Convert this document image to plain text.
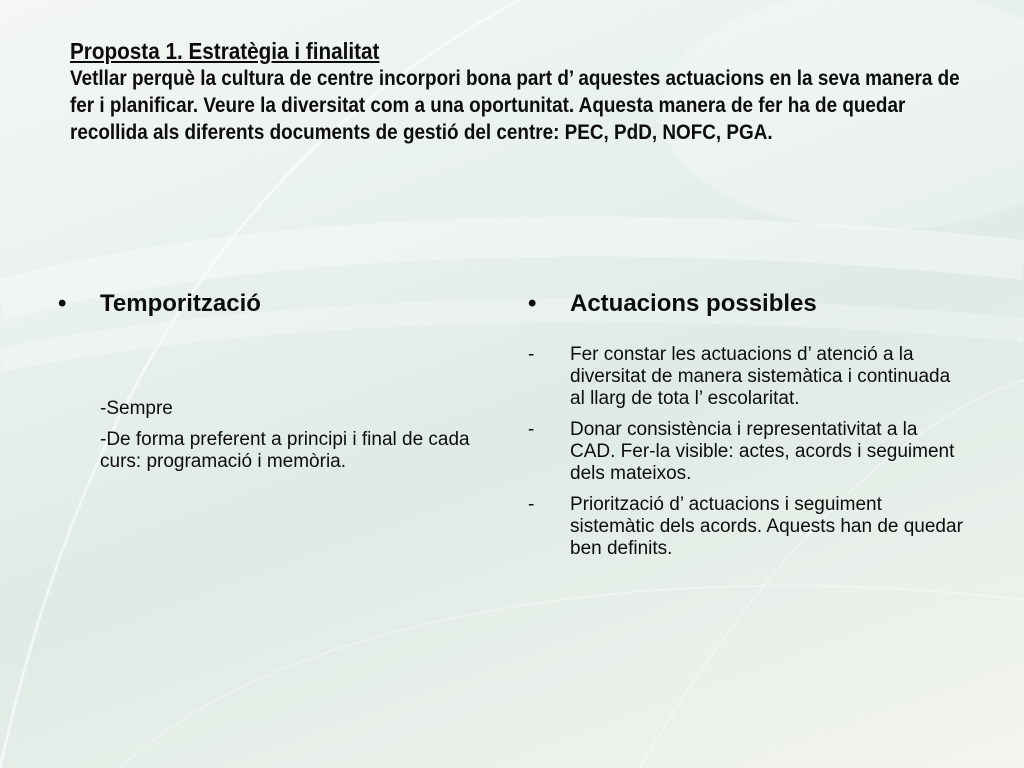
Proposta 1. Estratègia i finalitat

Vetllar perquè la cultura de centre incorpori bona part d’ aquestes actuacions en la seva manera de fer i planificar. Veure la diversitat com a una oportunitat. Aquesta manera de fer ha de quedar recollida als diferents documents de gestió del centre: PEC, PdD, NOFC, PGA.

•	Temporització
-Sempre
-De forma preferent a principi i final de cada curs: programació i memòria.
•	Actuacions possibles
-	Fer constar les actuacions d’ atenció a la diversitat de manera sistemàtica i continuada al llarg de tota l’ escolaritat.
-	Donar consistència i representativitat a la CAD. Fer-la visible: actes, acords i seguiment dels mateixos.
-	Priorització d’ actuacions i seguiment sistemàtic dels acords. Aquests han de quedar ben definits.
